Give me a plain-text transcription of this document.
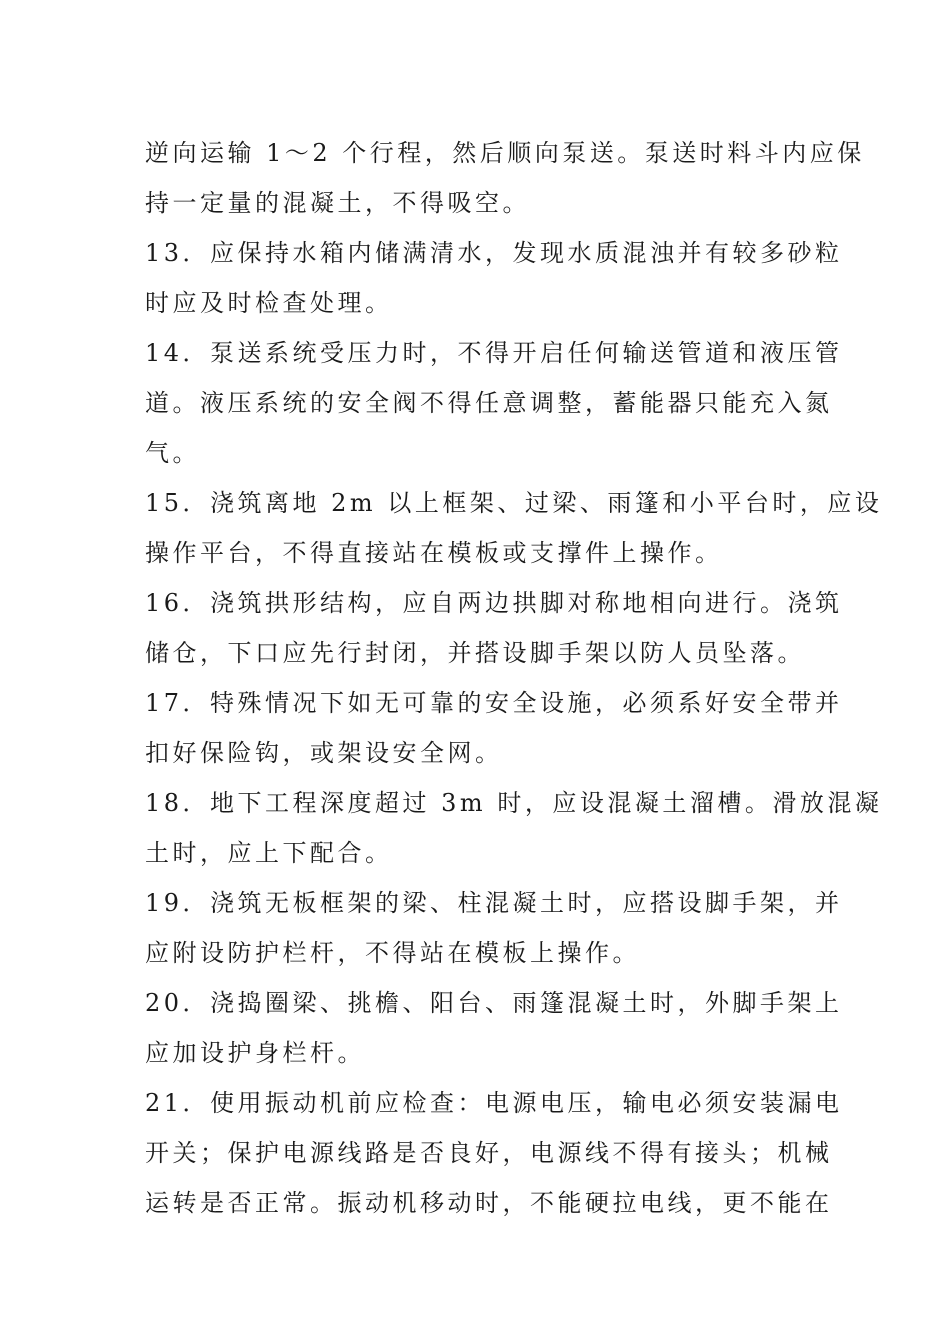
逆向运输 1～2 个行程，然后顺向泵送。泵送时料斗内应保
持一定量的混凝土，不得吸空。
13．应保持水箱内储满清水，发现水质混浊并有较多砂粒
时应及时检查处理。
14．泵送系统受压力时，不得开启任何输送管道和液压管
道。液压系统的安全阀不得任意调整，蓄能器只能充入氮
气。
15．浇筑离地 2m 以上框架、过梁、雨篷和小平台时，应设
操作平台，不得直接站在模板或支撑件上操作。
16．浇筑拱形结构，应自两边拱脚对称地相向进行。浇筑
储仓，下口应先行封闭，并搭设脚手架以防人员坠落。
17．特殊情况下如无可靠的安全设施，必须系好安全带并
扣好保险钩，或架设安全网。
18．地下工程深度超过 3m 时，应设混凝土溜槽。滑放混凝
土时，应上下配合。
19．浇筑无板框架的梁、柱混凝土时，应搭设脚手架，并
应附设防护栏杆，不得站在模板上操作。
20．浇捣圈梁、挑檐、阳台、雨篷混凝土时，外脚手架上
应加设护身栏杆。
21．使用振动机前应检查：电源电压，输电必须安装漏电
开关；保护电源线路是否良好，电源线不得有接头；机械
运转是否正常。振动机移动时，不能硬拉电线，更不能在
